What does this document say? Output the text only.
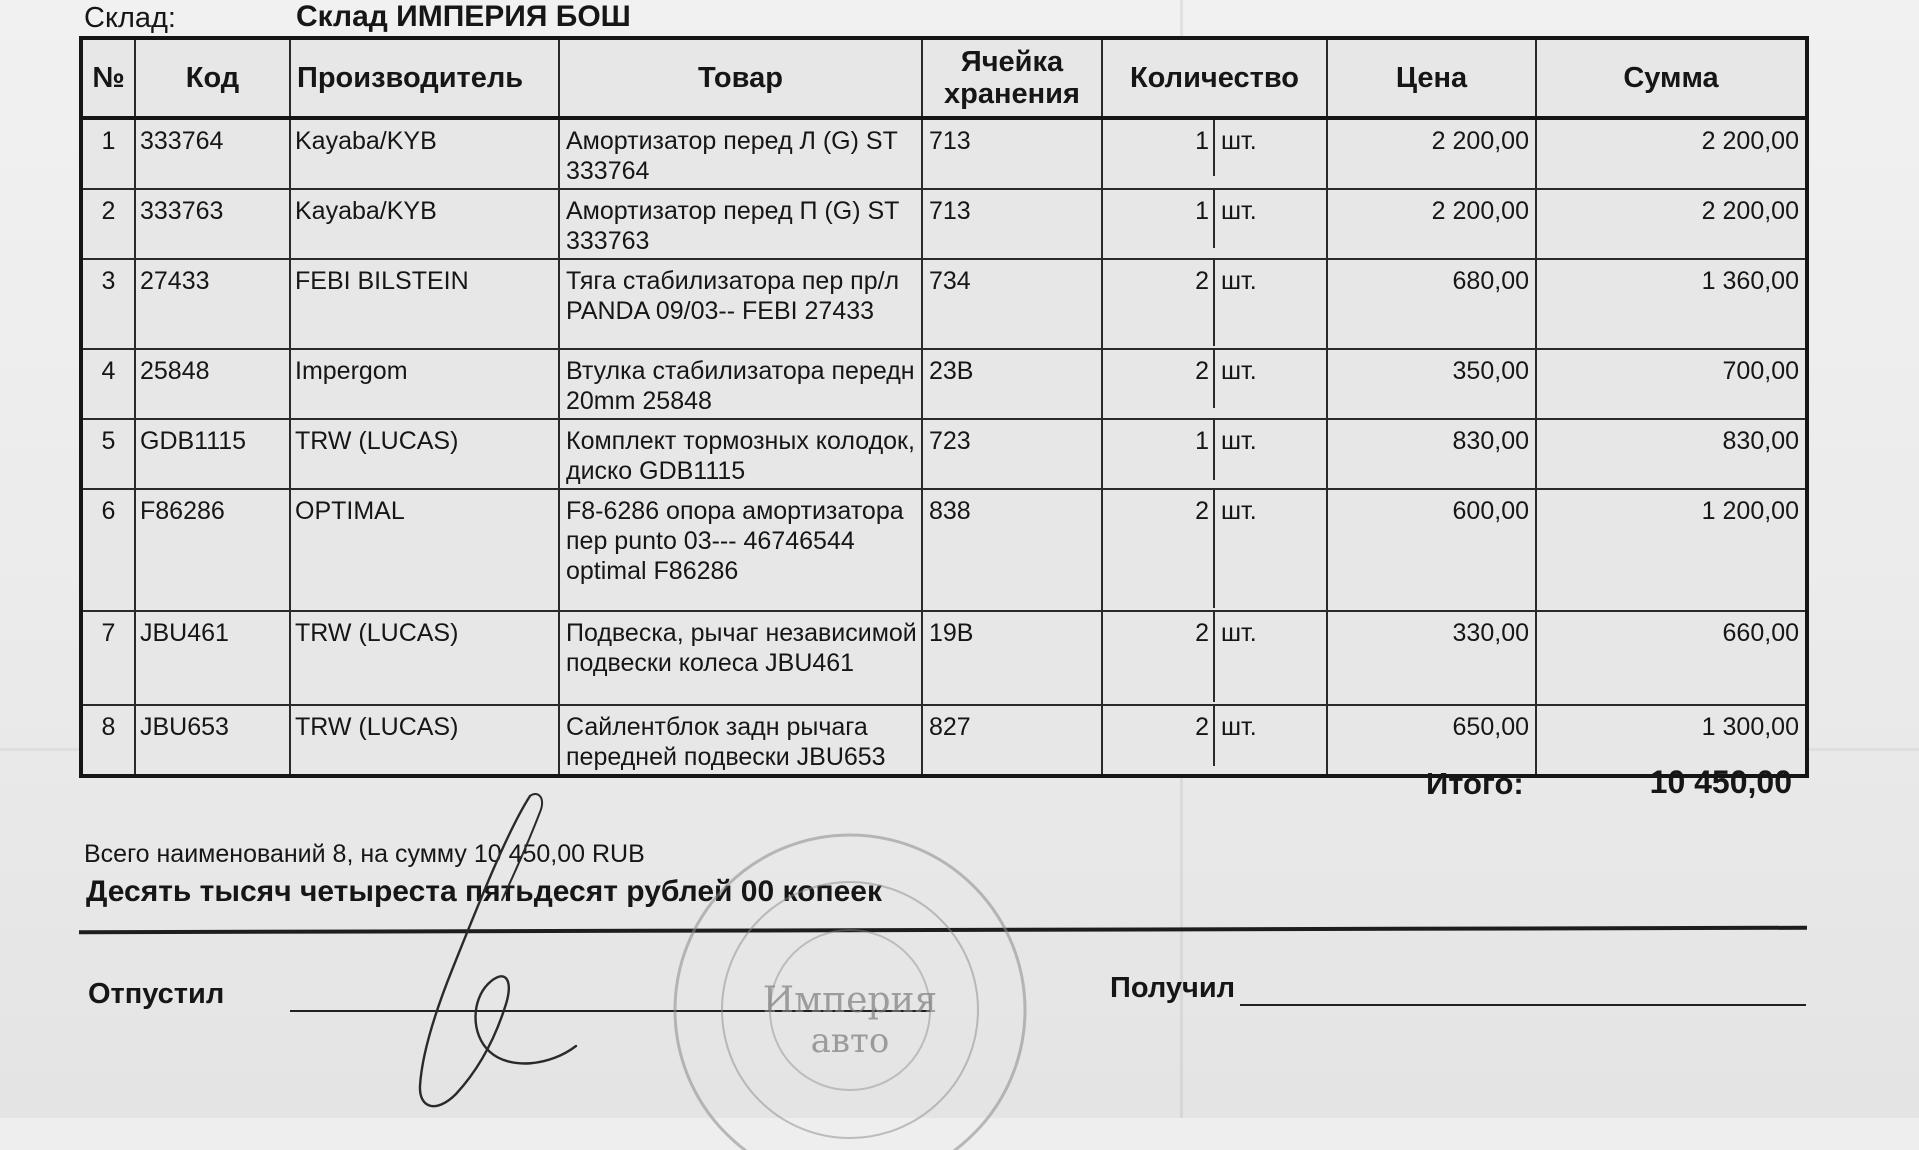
Склад:	Склад ИМПЕРИЯ БОШ
№	Код	Производитель	Товар	Ячейка хранения	Количество	Цена	Сумма
1	333764	Kayaba/KYB	Амортизатор перед Л (G) ST 333764	713	1 шт.	2 200,00	2 200,00
2	333763	Kayaba/KYB	Амортизатор перед П (G) ST 333763	713	1 шт.	2 200,00	2 200,00
3	27433	FEBI BILSTEIN	Тяга стабилизатора пер пр/л PANDA 09/03-- FEBI 27433	734	2 шт.	680,00	1 360,00
4	25848	Impergom	Втулка стабилизатора передн 20mm 25848	23В	2 шт.	350,00	700,00
5	GDB1115	TRW (LUCAS)	Комплект тормозных колодок, диско GDB1115	723	1 шт.	830,00	830,00
6	F86286	OPTIMAL	F8-6286 опора амортизатора пер punto 03--- 46746544 optimal F86286	838	2 шт.	600,00	1 200,00
7	JBU461	TRW (LUCAS)	Подвеска, рычаг независимой подвески колеса JBU461	19В	2 шт.	330,00	660,00
8	JBU653	TRW (LUCAS)	Сайлентблок задн рычага передней подвески JBU653	827	2 шт.	650,00	1 300,00
Итого:	10 450,00
Всего наименований 8, на сумму 10 450,00 RUB
Десять тысяч четыреста пятьдесят рублей 00 копеек
Отпустил	Получил
Империя
авто
